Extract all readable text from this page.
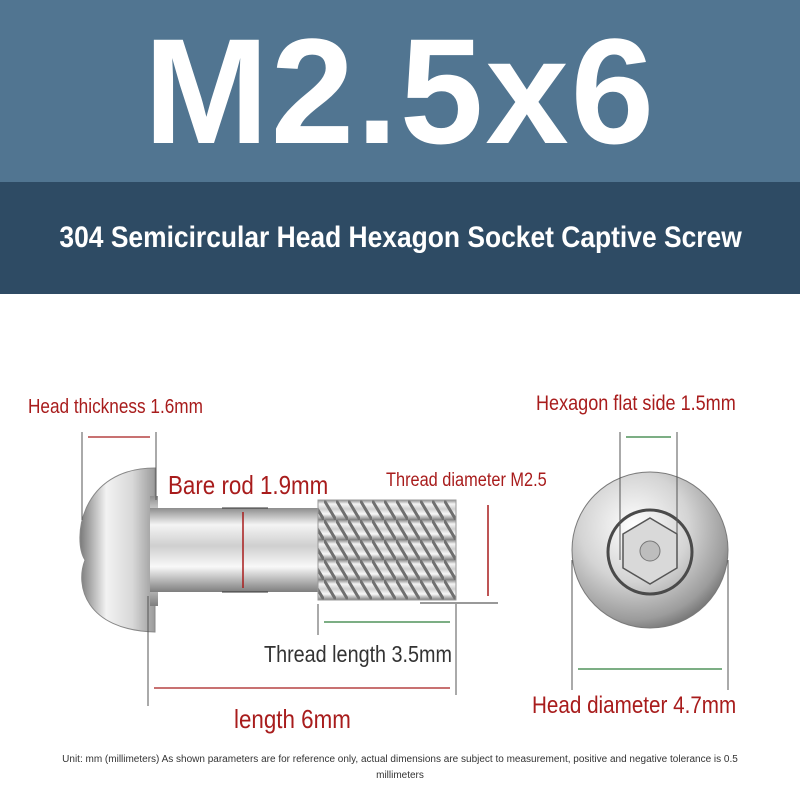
M2.5x6
304 Semicircular Head Hexagon Socket Captive Screw
Head thickness 1.6mm
Bare rod 1.9mm	Thread diameter M2.5
Thread length 3.5mm
length 6mm
Hexagon flat side 1.5mm
Head diameter 4.7mm
Unit: mm (millimeters) As shown parameters are for reference only, actual dimensions are subject to measurement, positive and negative tolerance is 0.5 millimeters
